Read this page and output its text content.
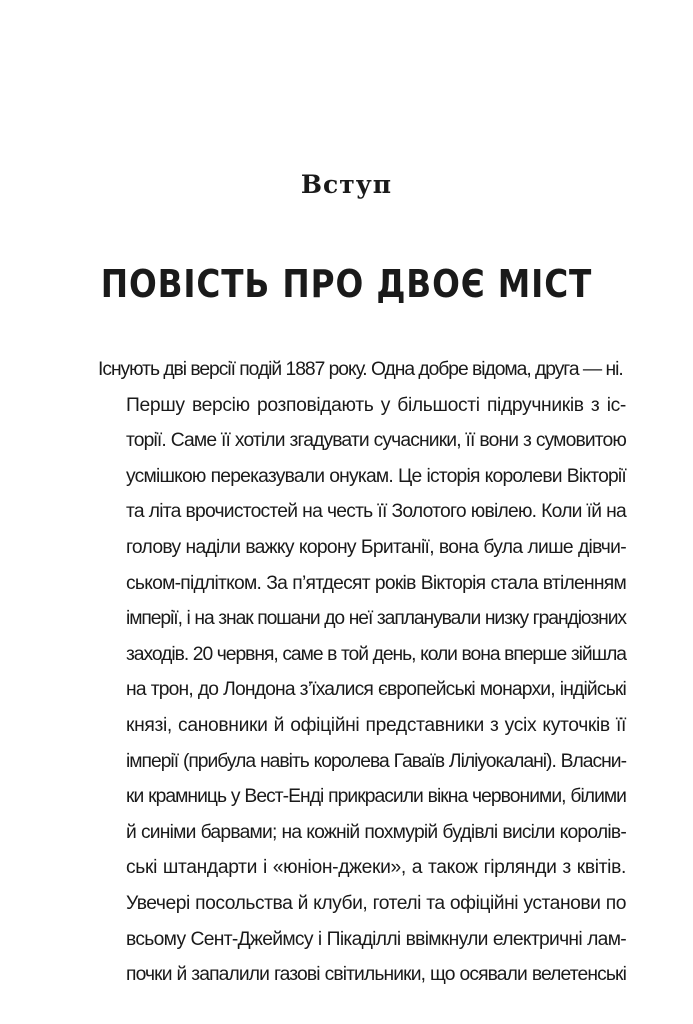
Вступ
ПОВІСТЬ ПРО ДВОЄ МІСТ

Існують дві версії подій 1887 року. Одна добре відома, друга — ні.

Першу версію розповідають у більшості підручників з іс-
торії. Саме її хотіли згадувати сучасники, її вони з сумовитою
усмішкою переказували онукам. Це історія королеви Вікторії
та літа врочистостей на честь її Золотого ювілею. Коли їй на
голову наділи важку корону Британії, вона була лише дівчи-
ськом-підлітком. За п’ятдесят років Вікторія стала втіленням
імперії, і на знак пошани до неї запланували низку грандіозних
заходів. 20 червня, саме в той день, коли вона вперше зійшла
на трон, до Лондона з’їхалися європейські монархи, індійські
князі, сановники й офіційні представники з усіх куточків її
імперії (прибула навіть королева Гаваїв Ліліуокалані). Власни-
ки крамниць у Вест-Енді прикрасили вікна червоними, білими
й синіми барвами; на кожній похмурій будівлі висіли королів-
ські штандарти і «юніон-джеки», а також гірлянди з квітів.
Увечері посольства й клуби, готелі та офіційні установи по
всьому Сент-Джеймсу і Пікаділлі ввімкнули електричні лам-
почки й запалили газові світильники, що осявали велетенські
